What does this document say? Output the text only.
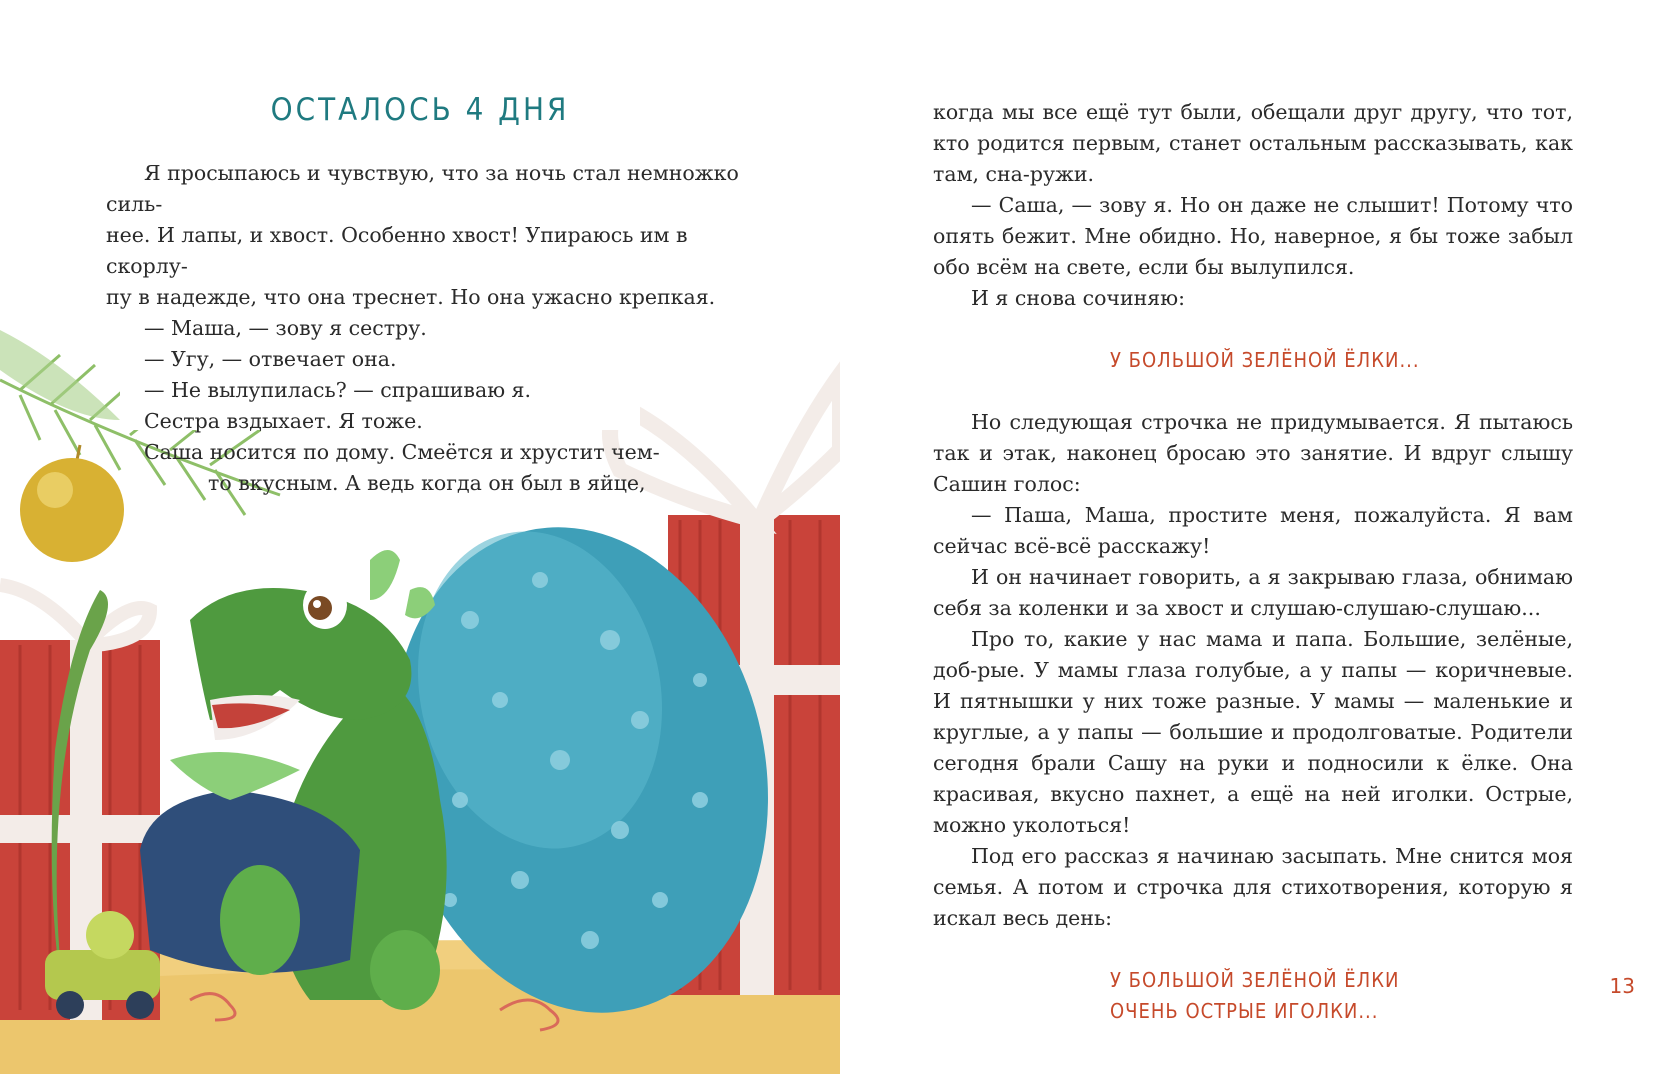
ОСТАЛОСЬ 4 ДНЯ

Я просыпаюсь и чувствую, что за ночь стал немножко силь-

нее. И лапы, и хвост. Особенно хвост! Упираюсь им в скорлу-

пу в надежде, что она треснет. Но она ужасно крепкая.

— Маша, — зову я сестру.

— Угу, — отвечает она.

— Не вылупилась? — спрашиваю я.

Сестра вздыхает. Я тоже.

Саша носится по дому. Смеётся и хрустит чем-

то вкусным. А ведь когда он был в яйце,

когда мы все ещё тут были, обещали друг другу, что тот, кто родится первым, станет остальным рассказывать, как там, сна-ружи.

— Саша, — зову я. Но он даже не слышит! Потому что опять бежит. Мне обидно. Но, наверное, я бы тоже забыл обо всём на свете, если бы вылупился.

И я снова сочиняю:

У БОЛЬШОЙ ЗЕЛЁНОЙ ЁЛКИ...

Но следующая строчка не придумывается. Я пытаюсь так и этак, наконец бросаю это занятие. И вдруг слышу Сашин голос:

— Паша, Маша, простите меня, пожалуйста. Я вам сейчас всё-всё расскажу!

И он начинает говорить, а я закрываю глаза, обнимаю себя за коленки и за хвост и слушаю-слушаю-слушаю...

Про то, какие у нас мама и папа. Большие, зелёные, доб-рые. У мамы глаза голубые, а у папы — коричневые. И пятнышки у них тоже разные. У мамы — маленькие и круглые, а у папы — большие и продолговатые. Родители сегодня брали Сашу на руки и подносили к ёлке. Она красивая, вкусно пахнет, а ещё на ней иголки. Острые, можно уколоться!

Под его рассказ я начинаю засыпать. Мне снится моя семья. А потом и строчка для стихотворения, которую я искал весь день:

У БОЛЬШОЙ ЗЕЛЁНОЙ ЁЛКИ

ОЧЕНЬ ОСТРЫЕ ИГОЛКИ...

13
